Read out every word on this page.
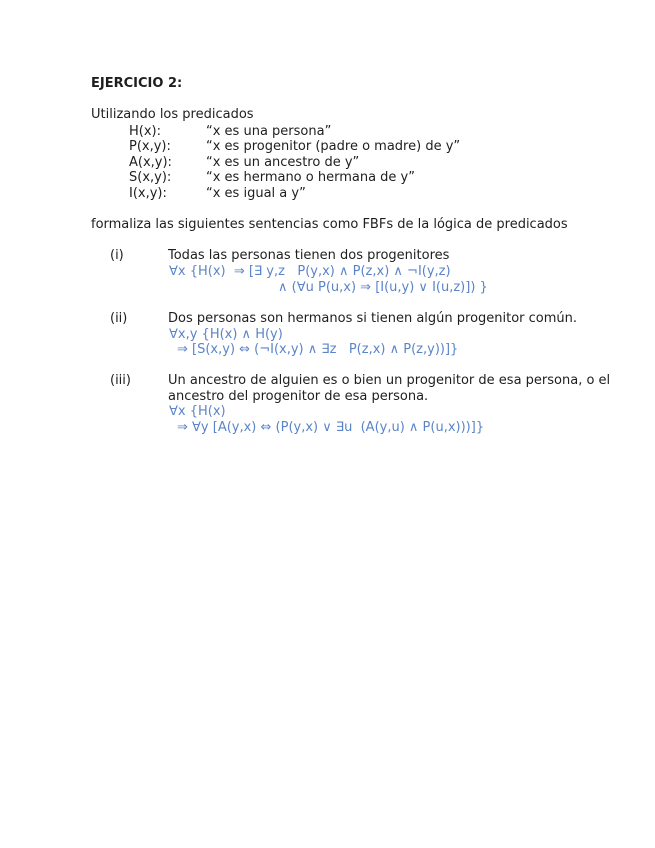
EJERCICIO 2:
Utilizando los predicados
H(x):	“x es una persona”
P(x,y):	“x es progenitor (padre o madre) de y”
A(x,y):	“x es un ancestro de y”
S(x,y):	“x es hermano o hermana de y”
I(x,y):	“x es igual a y”
formaliza las siguientes sentencias como FBFs de la lógica de predicados
(i)	Todas las personas tienen dos progenitores
∀x {H(x)  ⇒ [∃ y,z   P(y,x) ∧ P(z,x) ∧ ¬I(y,z)
∧ (∀u P(u,x) ⇒ [I(u,y) ∨ I(u,z)]) }
(ii)	Dos personas son hermanos si tienen algún progenitor común.
∀x,y {H(x) ∧ H(y)
⇒ [S(x,y) ⇔ (¬I(x,y) ∧ ∃z   P(z,x) ∧ P(z,y))]}
(iii)	Un ancestro de alguien es o bien un progenitor de esa persona, o el
ancestro del progenitor de esa persona.
∀x {H(x)
⇒ ∀y [A(y,x) ⇔ (P(y,x) ∨ ∃u  (A(y,u) ∧ P(u,x)))]}
